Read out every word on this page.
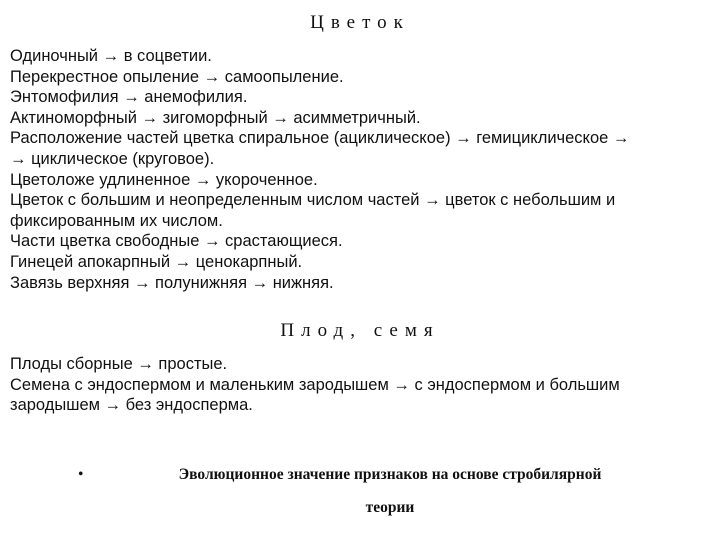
Цветок
Одиночный → в соцветии.
Перекрестное опыление → самоопыление.
Энтомофилия → анемофилия.
Актиноморфный → зигоморфный → асимметричный.
Расположение частей цветка спиральное (ациклическое) → гемициклическое →
→ циклическое (круговое).
Цветоложе удлиненное → укороченное.
Цветок с большим и неопределенным числом частей → цветок с небольшим и
фиксированным их числом.
Части цветка свободные → срастающиеся.
Гинецей апокарпный → ценокарпный.
Завязь верхняя → полунижняя → нижняя.
Плод, семя
Плоды сборные → простые.
Семена с эндоспермом и маленьким зародышем → с эндоспермом и большим
зародышем → без эндосперма.
•	Эволюционное значение признаков на основе стробилярной
теории
